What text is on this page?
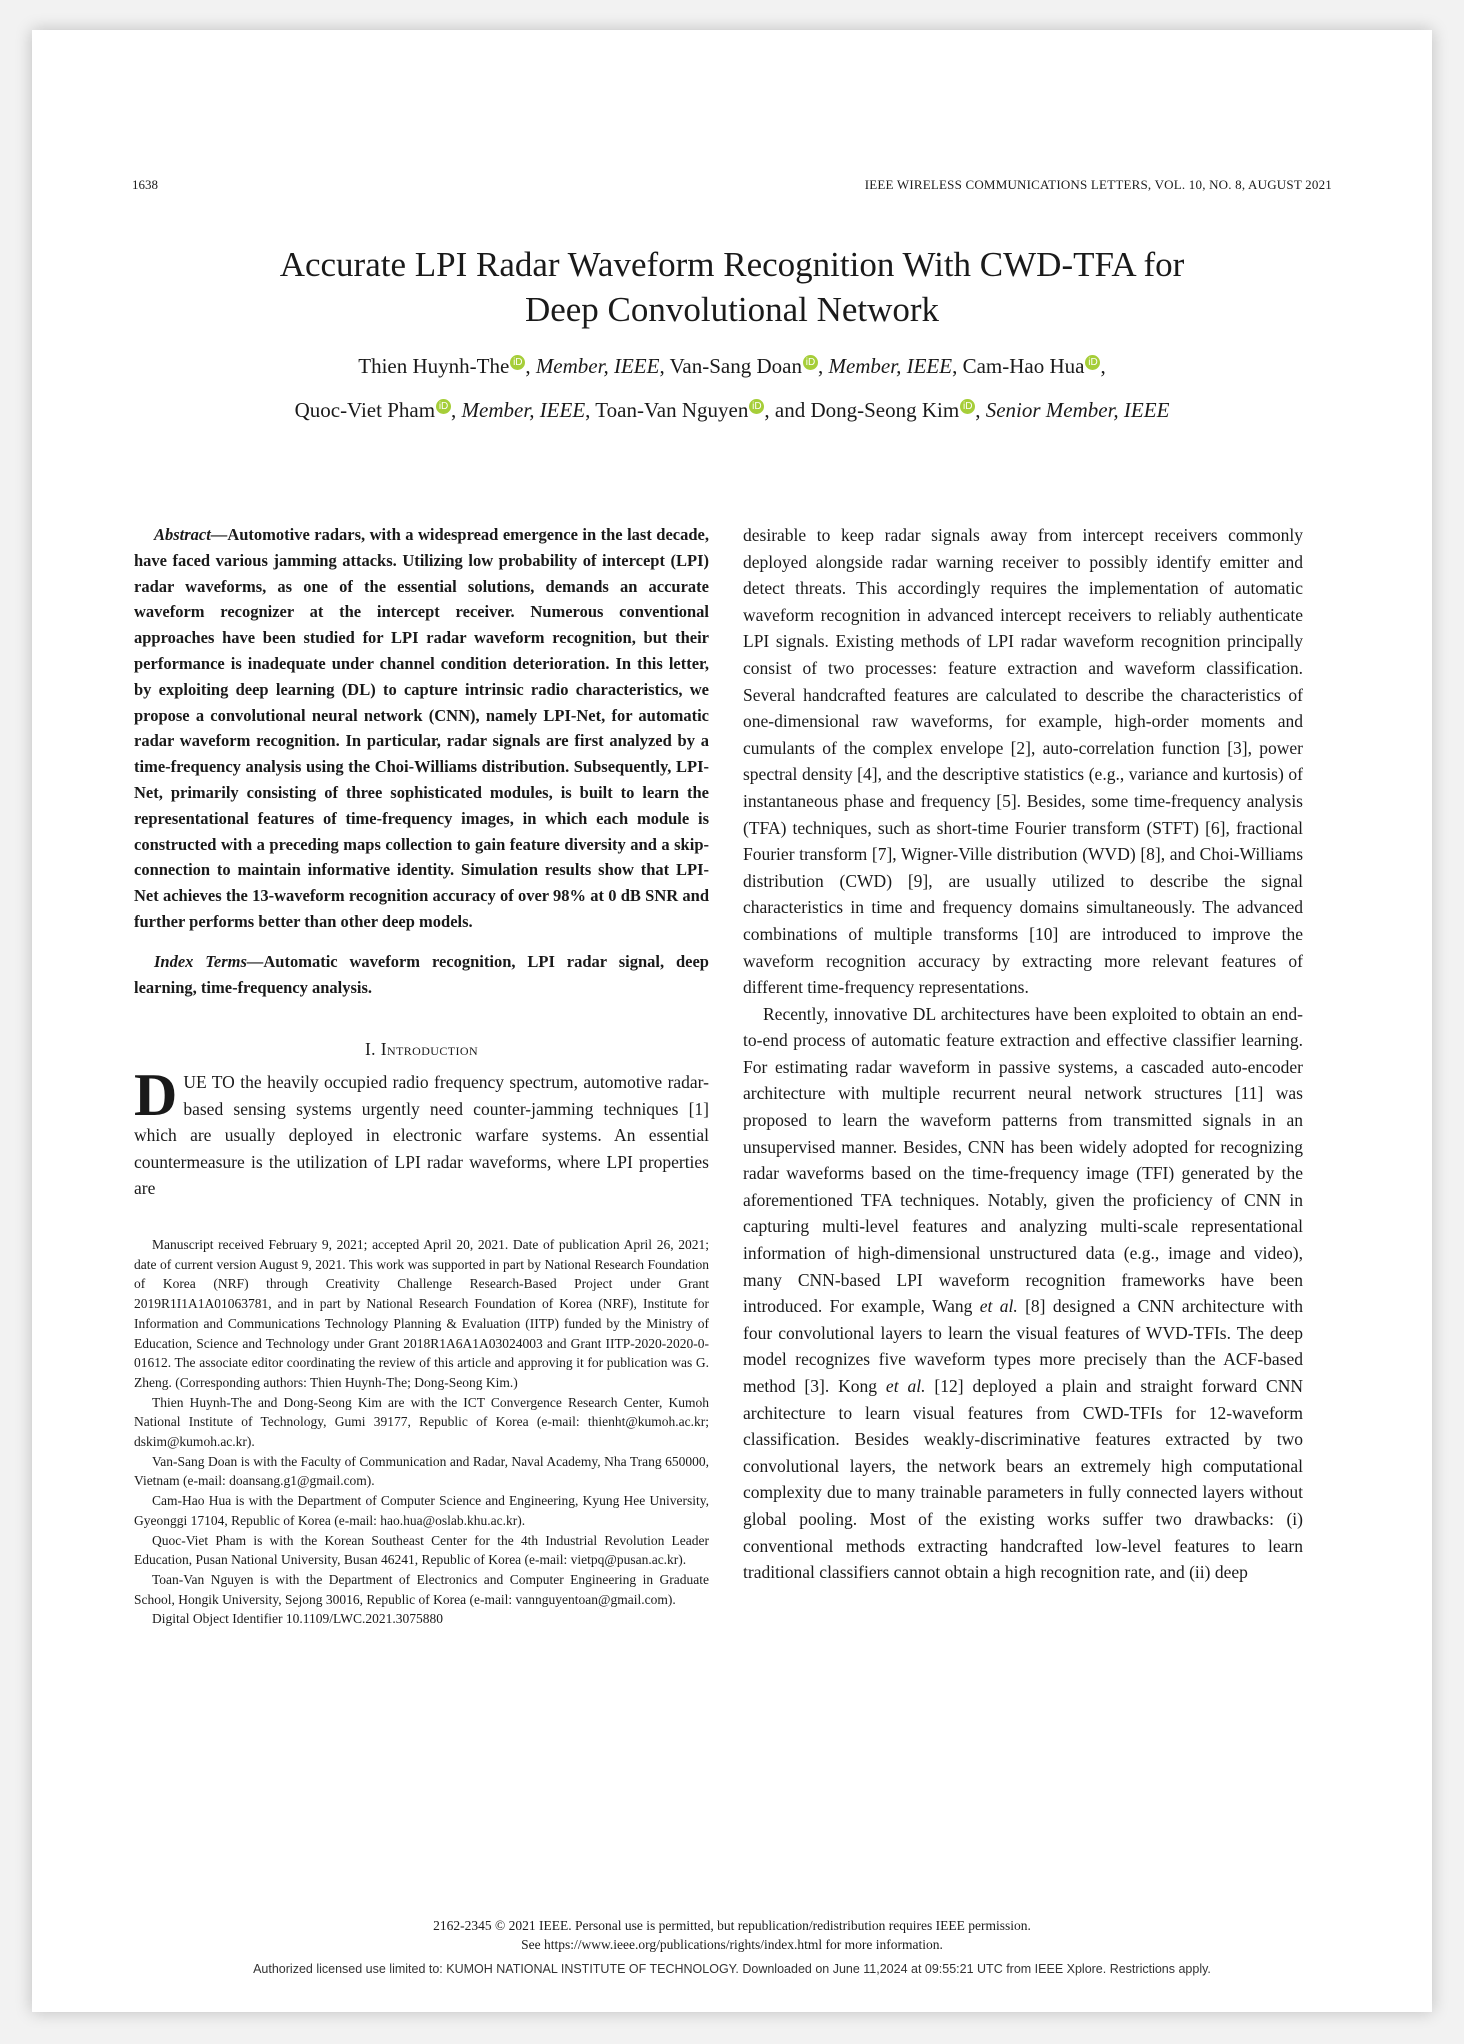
1638	IEEE WIRELESS COMMUNICATIONS LETTERS, VOL. 10, NO. 8, AUGUST 2021
Accurate LPI Radar Waveform Recognition With CWD-TFA for
Deep Convolutional Network
Thien Huynh-The iD , Member, IEEE, Van-Sang Doan iD , Member, IEEE, Cam-Hao Hua iD ,
Quoc-Viet Pham iD , Member, IEEE, Toan-Van Nguyen iD , and Dong-Seong Kim iD , Senior Member, IEEE

Abstract—Automotive radars, with a widespread emergence in the last decade, have faced various jamming attacks. Utilizing low probability of intercept (LPI) radar waveforms, as one of the essential solutions, demands an accurate waveform recognizer at the intercept receiver. Numerous conventional approaches have been studied for LPI radar waveform recognition, but their performance is inadequate under channel condition deterioration. In this letter, by exploiting deep learning (DL) to capture intrinsic radio characteristics, we propose a convolutional neural network (CNN), namely LPI-Net, for automatic radar waveform recognition. In particular, radar signals are first analyzed by a time-frequency analysis using the Choi-Williams distribution. Subsequently, LPI-Net, primarily consisting of three sophisticated modules, is built to learn the representational features of time-frequency images, in which each module is constructed with a preceding maps collection to gain feature diversity and a skip-connection to maintain informative identity. Simulation results show that LPI-Net achieves the 13-waveform recognition accuracy of over 98% at 0 dB SNR and further performs better than other deep models.

Index Terms—Automatic waveform recognition, LPI radar signal, deep learning, time-frequency analysis.

I. Introduction

DUE TO the heavily occupied radio frequency spectrum, automotive radar-based sensing systems urgently need counter-jamming techniques [1] which are usually deployed in electronic warfare systems. An essential countermeasure is the utilization of LPI radar waveforms, where LPI properties are

Manuscript received February 9, 2021; accepted April 20, 2021. Date of publication April 26, 2021; date of current version August 9, 2021. This work was supported in part by National Research Foundation of Korea (NRF) through Creativity Challenge Research-Based Project under Grant 2019R1I1A1A01063781, and in part by National Research Foundation of Korea (NRF), Institute for Information and Communications Technology Planning & Evaluation (IITP) funded by the Ministry of Education, Science and Technology under Grant 2018R1A6A1A03024003 and Grant IITP-2020-2020-0-01612. The associate editor coordinating the review of this article and approving it for publication was G. Zheng. (Corresponding authors: Thien Huynh-The; Dong-Seong Kim.)

Thien Huynh-The and Dong-Seong Kim are with the ICT Convergence Research Center, Kumoh National Institute of Technology, Gumi 39177, Republic of Korea (e-mail: thienht@kumoh.ac.kr; dskim@kumoh.ac.kr).

Van-Sang Doan is with the Faculty of Communication and Radar, Naval Academy, Nha Trang 650000, Vietnam (e-mail: doansang.g1@gmail.com).

Cam-Hao Hua is with the Department of Computer Science and Engineering, Kyung Hee University, Gyeonggi 17104, Republic of Korea (e-mail: hao.hua@oslab.khu.ac.kr).

Quoc-Viet Pham is with the Korean Southeast Center for the 4th Industrial Revolution Leader Education, Pusan National University, Busan 46241, Republic of Korea (e-mail: vietpq@pusan.ac.kr).

Toan-Van Nguyen is with the Department of Electronics and Computer Engineering in Graduate School, Hongik University, Sejong 30016, Republic of Korea (e-mail: vannguyentoan@gmail.com).

Digital Object Identifier 10.1109/LWC.2021.3075880

desirable to keep radar signals away from intercept receivers commonly deployed alongside radar warning receiver to possibly identify emitter and detect threats. This accordingly requires the implementation of automatic waveform recognition in advanced intercept receivers to reliably authenticate LPI signals. Existing methods of LPI radar waveform recognition principally consist of two processes: feature extraction and waveform classification. Several handcrafted features are calculated to describe the characteristics of one-dimensional raw waveforms, for example, high-order moments and cumulants of the complex envelope [2], auto-correlation function [3], power spectral density [4], and the descriptive statistics (e.g., variance and kurtosis) of instantaneous phase and frequency [5]. Besides, some time-frequency analysis (TFA) techniques, such as short-time Fourier transform (STFT) [6], fractional Fourier transform [7], Wigner-Ville distribution (WVD) [8], and Choi-Williams distribution (CWD) [9], are usually utilized to describe the signal characteristics in time and frequency domains simultaneously. The advanced combinations of multiple transforms [10] are introduced to improve the waveform recognition accuracy by extracting more relevant features of different time-frequency representations.

Recently, innovative DL architectures have been exploited to obtain an end-to-end process of automatic feature extraction and effective classifier learning. For estimating radar waveform in passive systems, a cascaded auto-encoder architecture with multiple recurrent neural network structures [11] was proposed to learn the waveform patterns from transmitted signals in an unsupervised manner. Besides, CNN has been widely adopted for recognizing radar waveforms based on the time-frequency image (TFI) generated by the aforementioned TFA techniques. Notably, given the proficiency of CNN in capturing multi-level features and analyzing multi-scale representational information of high-dimensional unstructured data (e.g., image and video), many CNN-based LPI waveform recognition frameworks have been introduced. For example, Wang et al. [8] designed a CNN architecture with four convolutional layers to learn the visual features of WVD-TFIs. The deep model recognizes five waveform types more precisely than the ACF-based method [3]. Kong et al. [12] deployed a plain and straight forward CNN architecture to learn visual features from CWD-TFIs for 12-waveform classification. Besides weakly-discriminative features extracted by two convolutional layers, the network bears an extremely high computational complexity due to many trainable parameters in fully connected layers without global pooling. Most of the existing works suffer two drawbacks: (i) conventional methods extracting handcrafted low-level features to learn traditional classifiers cannot obtain a high recognition rate, and (ii) deep

2162-2345 © 2021 IEEE. Personal use is permitted, but republication/redistribution requires IEEE permission.
See https://www.ieee.org/publications/rights/index.html for more information.
Authorized licensed use limited to: KUMOH NATIONAL INSTITUTE OF TECHNOLOGY. Downloaded on June 11,2024 at 09:55:21 UTC from IEEE Xplore. Restrictions apply.
